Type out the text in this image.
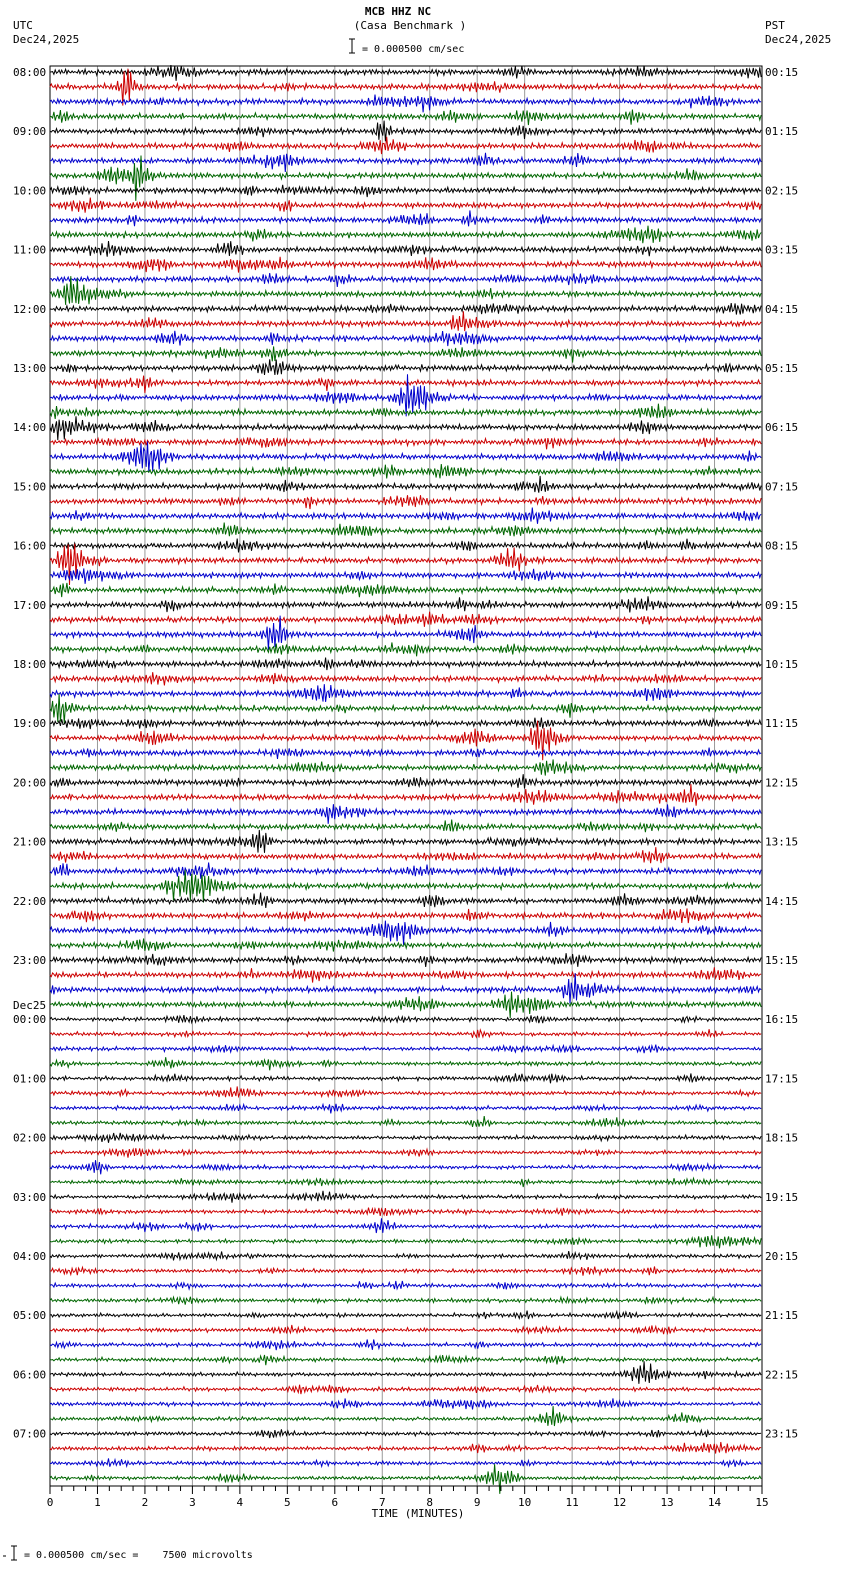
MCB HHZ NC
(Casa Benchmark )
= 0.000500 cm/sec
UTC
Dec24,2025
PST
Dec24,2025
08:00	00:15
09:00	01:15
10:00	02:15
11:00	03:15
12:00	04:15
13:00	05:15
14:00	06:15
15:00	07:15
16:00	08:15
17:00	09:15
18:00	10:15
19:00	11:15
20:00	12:15
21:00	13:15
22:00	14:15
23:00	15:15
00:00	16:15
Dec25
01:00	17:15
02:00	18:15
03:00	19:15
04:00	20:15
05:00	21:15
06:00	22:15
07:00	23:15
0	1	2	3	4	5	6	7	8	9	10	11	12	13	14	15
TIME (MINUTES)
= 0.000500 cm/sec =    7500 microvolts
